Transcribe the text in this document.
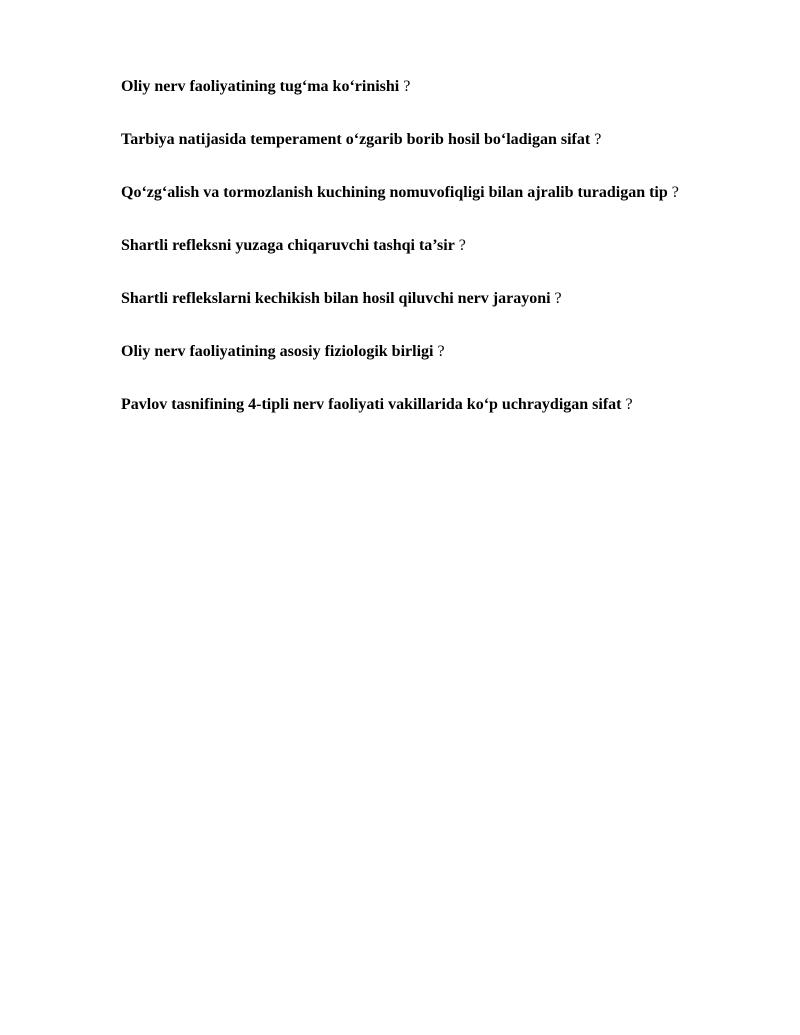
Oliy nerv faoliyatining tug‘ma ko‘rinishi ?
Tarbiya natijasida temperament o‘zgarib borib hosil bo‘ladigan sifat ?
Qo‘zg‘alish va tormozlanish kuchining nomuvofiqligi bilan ajralib turadigan tip ?
Shartli refleksni yuzaga chiqaruvchi tashqi ta’sir ?
Shartli reflekslarni kechikish bilan hosil qiluvchi nerv jarayoni ?
Oliy nerv faoliyatining asosiy fiziologik birligi ?
Pavlov tasnifining 4-tipli nerv faoliyati vakillarida ko‘p uchraydigan sifat ?
